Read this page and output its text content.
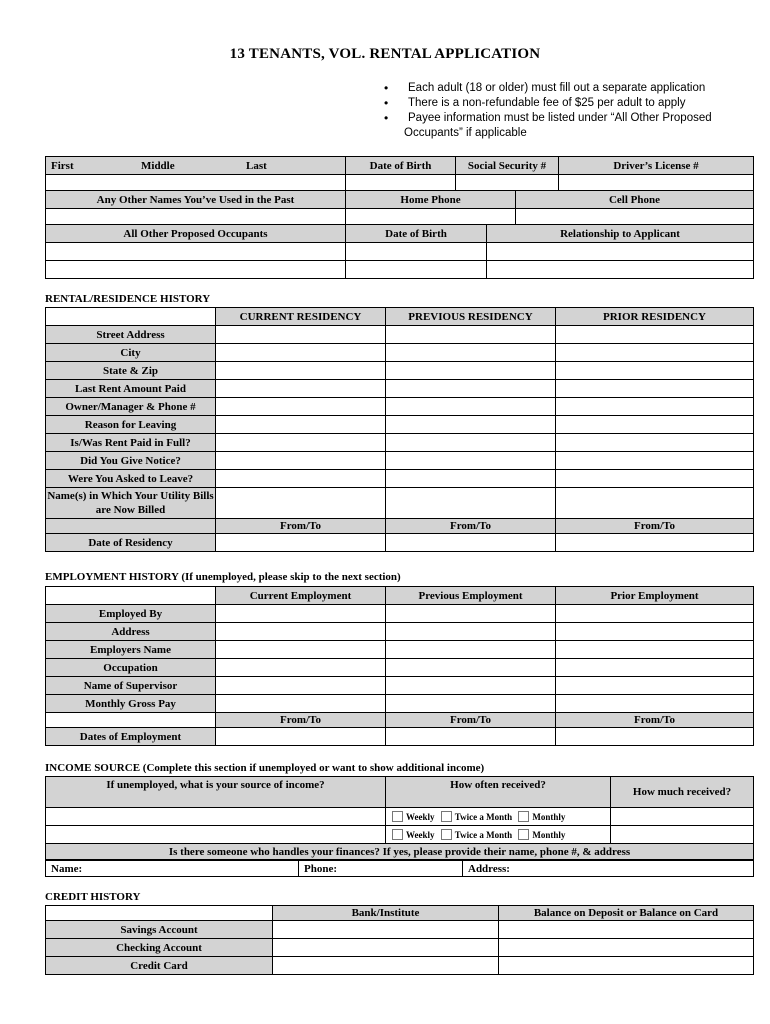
13 TENANTS, VOL. RENTAL APPLICATION
• Each adult (18 or older) must fill out a separate application
• There is a non-refundable fee of $25 per adult to apply
• Payee information must be listed under “All Other Proposed
Occupants” if applicable
First Middle Last	Date of Birth	Social Security #	Driver’s License #

Any Other Names You’ve Used in the Past	Home Phone	Cell Phone

All Other Proposed Occupants	Date of Birth	Relationship to Applicant

RENTAL/RESIDENCE HISTORY
	CURRENT RESIDENCY	PREVIOUS RESIDENCY	PRIOR RESIDENCY
Street Address			
City			
State & Zip			
Last Rent Amount Paid			
Owner/Manager & Phone #			
Reason for Leaving			
Is/Was Rent Paid in Full?			
Did You Give Notice?			
Were You Asked to Leave?			
Name(s) in Which Your Utility Bills are Now Billed			
	From/To	From/To	From/To
Date of Residency			
EMPLOYMENT HISTORY (If unemployed, please skip to the next section)
	Current Employment	Previous Employment	Prior Employment
Employed By			
Address			
Employers Name			
Occupation			
Name of Supervisor			
Monthly Gross Pay			
	From/To	From/To	From/To
Dates of Employment			
INCOME SOURCE (Complete this section if unemployed or want to show additional income)
If unemployed, what is your source of income?	How often received?	How much received?
	Weekly Twice a Month Monthly	
	Weekly Twice a Month Monthly	
Is there someone who handles your finances? If yes, please provide their name, phone #, & address		
Name:	Phone:	Address:
CREDIT HISTORY
	Bank/Institute	Balance on Deposit or Balance on Card
Savings Account		
Checking Account		
Credit Card		
